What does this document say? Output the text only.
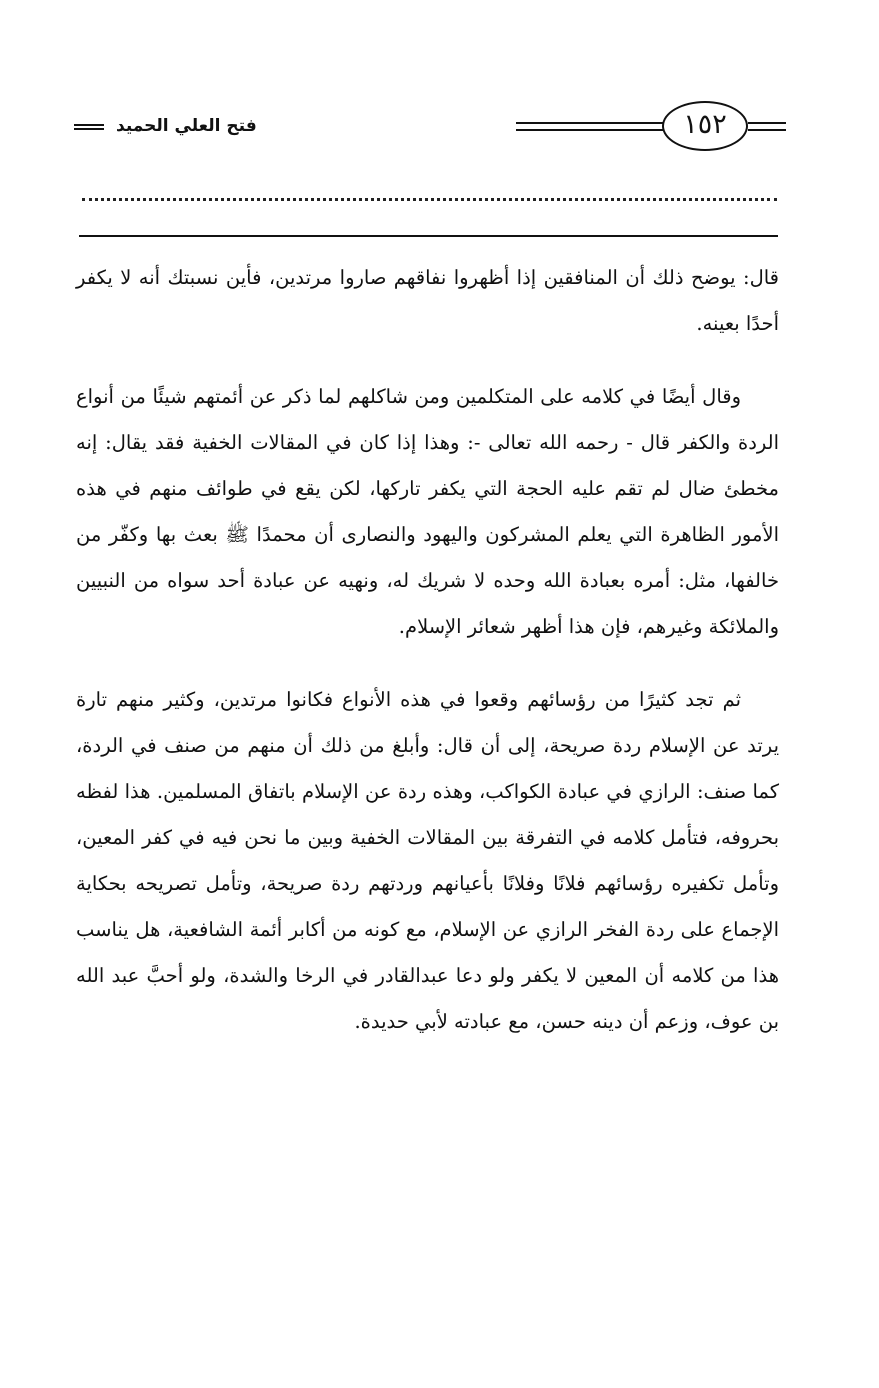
فتح العلي الحميد	١٥٢

قال: يوضح ذلك أن المنافقين إذا أظهروا نفاقهم صاروا مرتدين، فأين نسبتك أنه لا يكفر أحدًا بعينه.

وقال أيضًا في كلامه على المتكلمين ومن شاكلهم لما ذكر عن أئمتهم شيئًا من أنواع الردة والكفر قال - رحمه الله تعالى -: وهذا إذا كان في المقالات الخفية فقد يقال: إنه مخطئ ضال لم تقم عليه الحجة التي يكفر تاركها، لكن يقع في طوائف منهم في هذه الأمور الظاهرة التي يعلم المشركون واليهود والنصارى أن محمدًا ﷺ بعث بها وكفّر من خالفها، مثل: أمره بعبادة الله وحده لا شريك له، ونهيه عن عبادة أحد سواه من النبيين والملائكة وغيرهم، فإن هذا أظهر شعائر الإسلام.

ثم تجد كثيرًا من رؤسائهم وقعوا في هذه الأنواع فكانوا مرتدين، وكثير منهم تارة يرتد عن الإسلام ردة صريحة، إلى أن قال: وأبلغ من ذلك أن منهم من صنف في الردة، كما صنف: الرازي في عبادة الكواكب، وهذه ردة عن الإسلام باتفاق المسلمين. هذا لفظه بحروفه، فتأمل كلامه في التفرقة بين المقالات الخفية وبين ما نحن فيه في كفر المعين، وتأمل تكفيره رؤسائهم فلانًا وفلانًا بأعيانهم وردتهم ردة صريحة، وتأمل تصريحه بحكاية الإجماع على ردة الفخر الرازي عن الإسلام، مع كونه من أكابر أئمة الشافعية، هل يناسب هذا من كلامه أن المعين لا يكفر ولو دعا عبدالقادر في الرخا والشدة، ولو أحبَّ عبد الله بن عوف، وزعم أن دينه حسن، مع عبادته لأبي حديدة.
